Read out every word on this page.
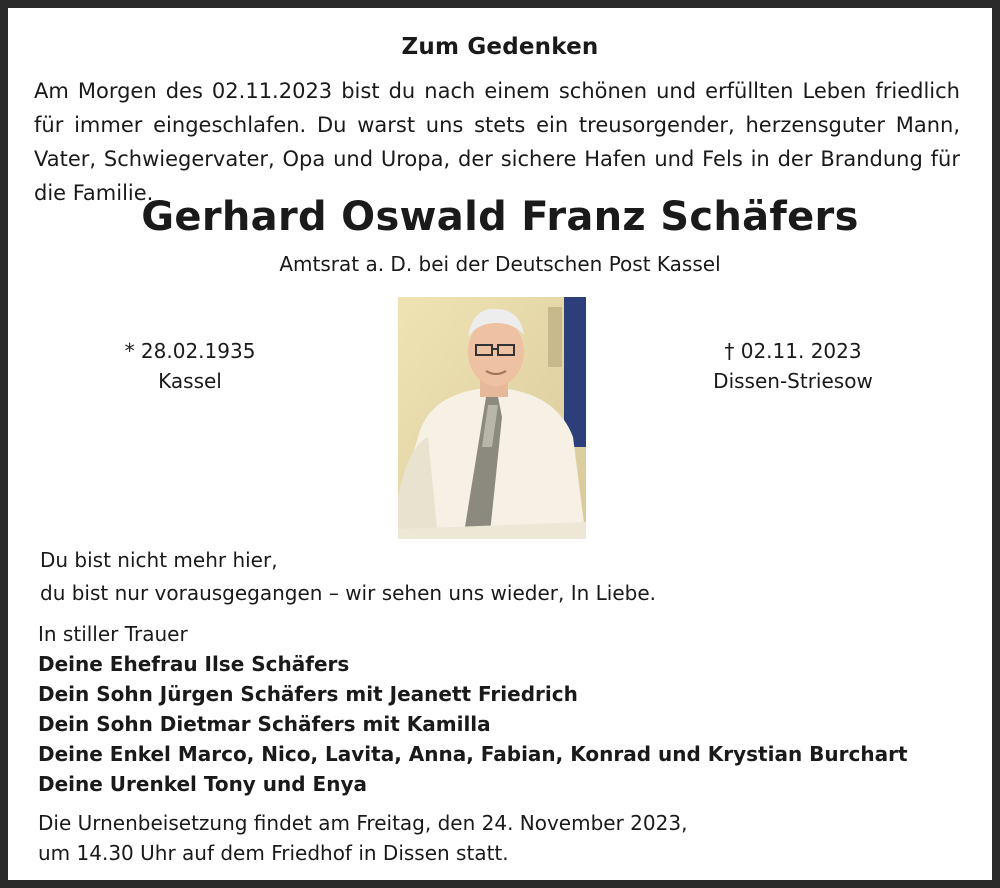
Zum Gedenken
Am Morgen des 02.11.2023 bist du nach einem schönen und erfüllten Leben friedlich für immer eingeschlafen. Du warst uns stets ein treusorgender, herzensguter Mann, Vater, Schwiegervater, Opa und Uropa, der sichere Hafen und Fels in der Brandung für die Familie.
Gerhard Oswald Franz Schäfers
Amtsrat a. D. bei der Deutschen Post Kassel
* 28.02.1935
Kassel
† 02.11. 2023
Dissen-Striesow
Du bist nicht mehr hier,
du bist nur vorausgegangen – wir sehen uns wieder, In Liebe.
In stiller Trauer
Deine Ehefrau Ilse Schäfers
Dein Sohn Jürgen Schäfers mit Jeanett Friedrich
Dein Sohn Dietmar Schäfers mit Kamilla
Deine Enkel Marco, Nico, Lavita, Anna, Fabian, Konrad und Krystian Burchart
Deine Urenkel Tony und Enya
Die Urnenbeisetzung findet am Freitag, den 24. November 2023,
um 14.30 Uhr auf dem Friedhof in Dissen statt.
